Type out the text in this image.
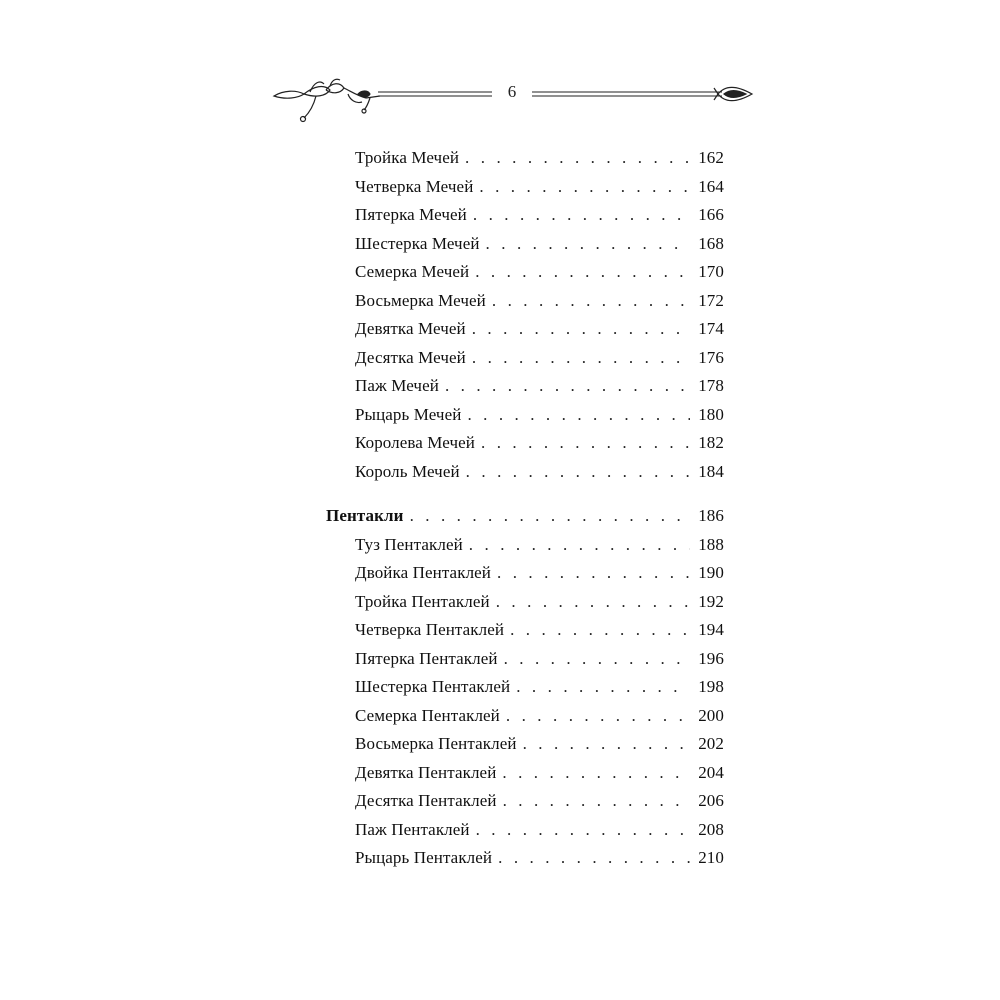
6
Тройка Мечей . . .	162
Четверка Мечей . . .	164
Пятерка Мечей . . .	166
Шестерка Мечей . . .	168
Семерка Мечей . . .	170
Восьмерка Мечей . . .	172
Девятка Мечей . . .	174
Десятка Мечей . . .	176
Паж Мечей . . .	178
Рыцарь Мечей . . .	180
Королева Мечей . . .	182
Король Мечей . . .	184
Пентакли . . .	186
Туз Пентаклей . . .	188
Двойка Пентаклей . . .	190
Тройка Пентаклей . . .	192
Четверка Пентаклей . . .	194
Пятерка Пентаклей . . .	196
Шестерка Пентаклей . . .	198
Семерка Пентаклей . . .	200
Восьмерка Пентаклей . . .	202
Девятка Пентаклей . . .	204
Десятка Пентаклей . . .	206
Паж Пентаклей . . .	208
Рыцарь Пентаклей . . .	210
